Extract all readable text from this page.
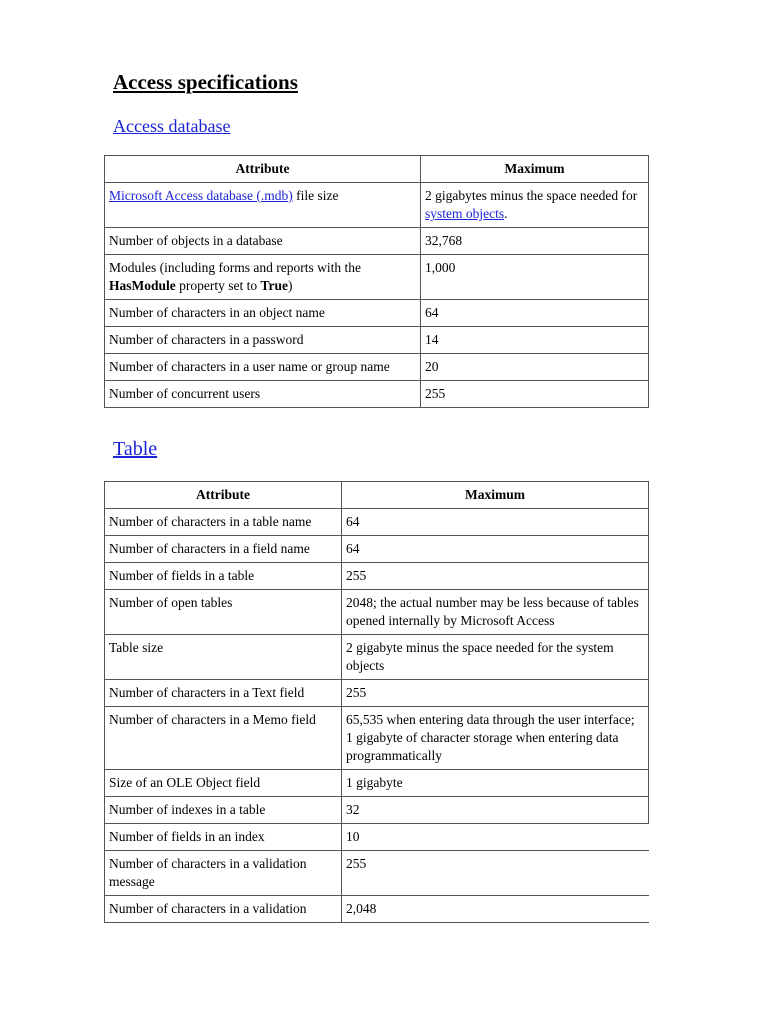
Access specifications
Access database
Attribute	Maximum
Microsoft Access database (.mdb) file size	2 gigabytes minus the space needed for system objects.
Number of objects in a database	32,768
Modules (including forms and reports with the HasModule property set to True)	1,000
Number of characters in an object name	64
Number of characters in a password	14
Number of characters in a user name or group name	20
Number of concurrent users	255
Table
Attribute	Maximum
Number of characters in a table name	64
Number of characters in a field name	64
Number of fields in a table	255
Number of open tables	2048; the actual number may be less because of tables opened internally by Microsoft Access
Table size	2 gigabyte minus the space needed for the system objects
Number of characters in a Text field	255
Number of characters in a Memo field	65,535 when entering data through the user interface;
1 gigabyte of character storage when entering data programmatically
Size of an OLE Object field	1 gigabyte
Number of indexes in a table	32
Number of fields in an index	10
Number of characters in a validation message	255
Number of characters in a validation	2,048
